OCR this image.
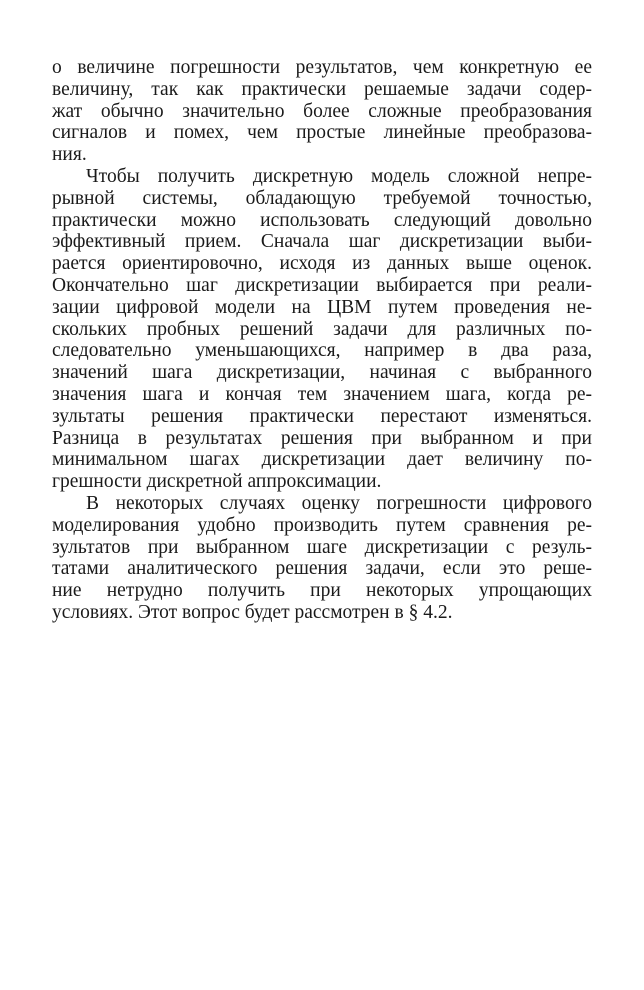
о величине погрешности результатов, чем конкретную ее
величину, так как практически решаемые задачи содер-
жат обычно значительно более сложные преобразования
сигналов и помех, чем простые линейные преобразова-
ния.
Чтобы получить дискретную модель сложной непре-
рывной системы, обладающую требуемой точностью,
практически можно использовать следующий довольно
эффективный прием. Сначала шаг дискретизации выби-
рается ориентировочно, исходя из данных выше оценок.
Окончательно шаг дискретизации выбирается при реали-
зации цифровой модели на ЦВМ путем проведения не-
скольких пробных решений задачи для различных по-
следовательно уменьшающихся, например в два раза,
значений шага дискретизации, начиная с выбранного
значения шага и кончая тем значением шага, когда ре-
зультаты решения практически перестают изменяться.
Разница в результатах решения при выбранном и при
минимальном шагах дискретизации дает величину по-
грешности дискретной аппроксимации.
В некоторых случаях оценку погрешности цифрового
моделирования удобно производить путем сравнения ре-
зультатов при выбранном шаге дискретизации с резуль-
татами аналитического решения задачи, если это реше-
ние нетрудно получить при некоторых упрощающих
условиях. Этот вопрос будет рассмотрен в § 4.2.
